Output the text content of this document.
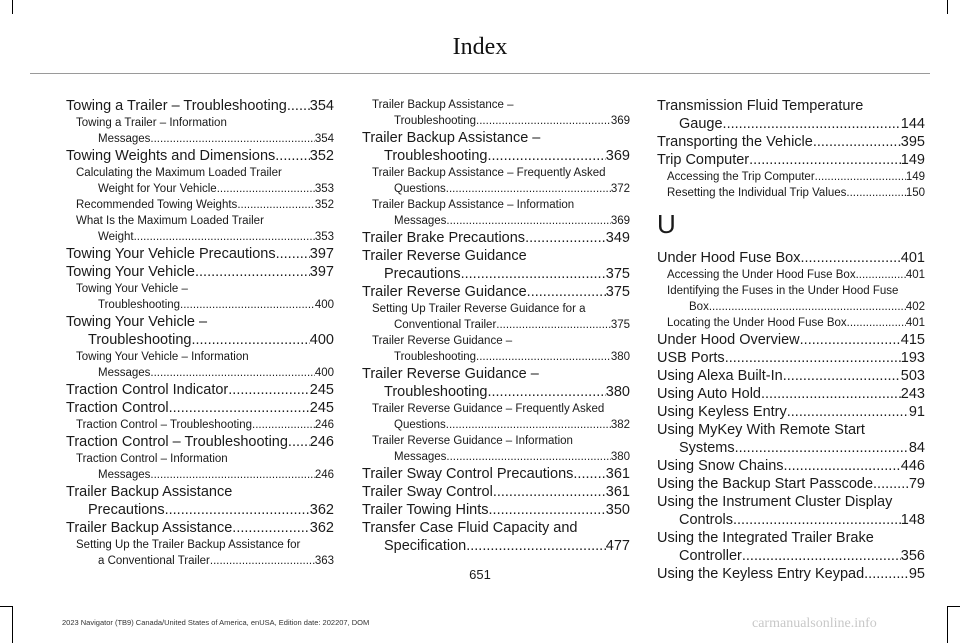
Index
Towing a Trailer – Troubleshooting ..... 354
Towing a Trailer – Information
Messages .....	354
Towing Weights and Dimensions ..... 352
Calculating the Maximum Loaded Trailer
Weight for Your Vehicle .....	353
Recommended Towing Weights .....	352
What Is the Maximum Loaded Trailer
Weight .....	353
Towing Your Vehicle Precautions ..... 397
Towing Your Vehicle .....	397
Towing Your Vehicle –
Troubleshooting .....	400
Towing Your Vehicle –
Troubleshooting .....	400
Towing Your Vehicle – Information
Messages .....	400
Traction Control Indicator .....	245
Traction Control .....	245
Traction Control – Troubleshooting .....	246
Traction Control – Troubleshooting ..... 246
Traction Control – Information
Messages .....	246
Trailer Backup Assistance
Precautions .....	362
Trailer Backup Assistance .....	362
Setting Up the Trailer Backup Assistance for
a Conventional Trailer .....	363
Trailer Backup Assistance –
Troubleshooting .....	369
Trailer Backup Assistance –
Troubleshooting .....	369
Trailer Backup Assistance – Frequently Asked
Questions .....	372
Trailer Backup Assistance – Information
Messages .....	369
Trailer Brake Precautions .....	349
Trailer Reverse Guidance
Precautions .....	375
Trailer Reverse Guidance .....	375
Setting Up Trailer Reverse Guidance for a
Conventional Trailer .....	375
Trailer Reverse Guidance –
Troubleshooting .....	380
Trailer Reverse Guidance –
Troubleshooting .....	380
Trailer Reverse Guidance – Frequently Asked
Questions .....	382
Trailer Reverse Guidance – Information
Messages .....	380
Trailer Sway Control Precautions ..... 361
Trailer Sway Control .....	361
Trailer Towing Hints .....	350
Transfer Case Fluid Capacity and
Specification .....	477
Transmission Fluid Temperature
Gauge .....	144
Transporting the Vehicle .....	395
Trip Computer .....	149
Accessing the Trip Computer .....	149
Resetting the Individual Trip Values .....	150
U
Under Hood Fuse Box .....	401
Accessing the Under Hood Fuse Box .....	401
Identifying the Fuses in the Under Hood Fuse
Box .....	402
Locating the Under Hood Fuse Box .....	401
Under Hood Overview .....	415
USB Ports .....	193
Using Alexa Built-In .....	503
Using Auto Hold .....	243
Using Keyless Entry .....	91
Using MyKey With Remote Start
Systems .....	84
Using Snow Chains .....	446
Using the Backup Start Passcode ..... 79
Using the Instrument Cluster Display
Controls .....	148
Using the Integrated Trailer Brake
Controller .....	356
Using the Keyless Entry Keypad .....	95
651
2023 Navigator (TB9) Canada/United States of America, enUSA, Edition date: 202207, DOM	carmanualsonline.info
